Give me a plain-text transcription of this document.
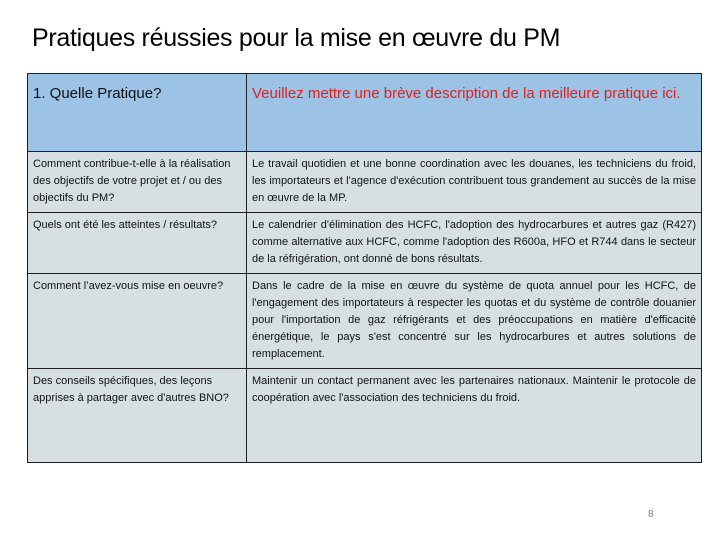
Pratiques réussies pour la mise en œuvre du PM
1. Quelle Pratique?	Veuillez mettre une brève description de la meilleure pratique ici.

Comment contribue-t-elle à la réalisation des objectifs de votre projet et / ou des objectifs du PM?	Le travail quotidien et une bonne coordination avec les douanes, les techniciens du froid, les importateurs et l'agence d'exécution contribuent tous grandement au succès de la mise en œuvre de la MP.

Quels ont été les atteintes / résultats?	Le calendrier d'élimination des HCFC, l'adoption des hydrocarbures et autres gaz (R427) comme alternative aux HCFC, comme l'adoption des R600a, HFO et R744 dans le secteur de la réfrigération, ont donné de bons résultats.

Comment l’avez-vous mise en oeuvre?	Dans le cadre de la mise en œuvre du système de quota annuel pour les HCFC, de l'engagement des importateurs à respecter les quotas et du système de contrôle douanier pour l'importation de gaz réfrigérants et des préoccupations en matière d'efficacité énergétique, le pays s'est concentré sur les hydrocarbures et autres solutions de remplacement.

Des conseils spécifiques, des leçons apprises à partager avec d'autres BNO?	Maintenir un contact permanent avec les partenaires nationaux. Maintenir le protocole de coopération avec l'association des techniciens du froid.
8
